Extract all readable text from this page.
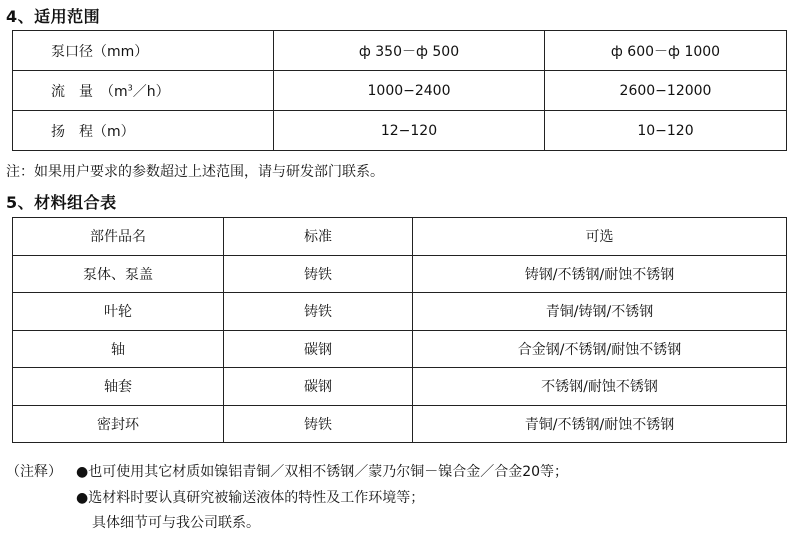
4、适用范围
泵口径（mm）	ф 350－ф 500	ф 600－ф 1000
流　量　$(m^3/h)$	1000−2400	2600−12000
扬　程（m）	12−120	10−120
注：如果用户要求的参数超过上述范围，请与研发部门联系。
5、材料组合表
部件品名	标准	可选
泵体、泵盖	铸铁	铸钢/不锈钢/耐蚀不锈钢
叶轮	铸铁	青铜/铸钢/不锈钢
轴	碳钢	合金钢/不锈钢/耐蚀不锈钢
轴套	碳钢	不锈钢/耐蚀不锈钢
密封环	铸铁	青铜/不锈钢/耐蚀不锈钢
（注释） ●也可使用其它材质如镍铝青铜／双相不锈钢／蒙乃尔铜－镍合金／合金20等；
●选材料时要认真研究被输送液体的特性及工作环境等；
具体细节可与我公司联系。
